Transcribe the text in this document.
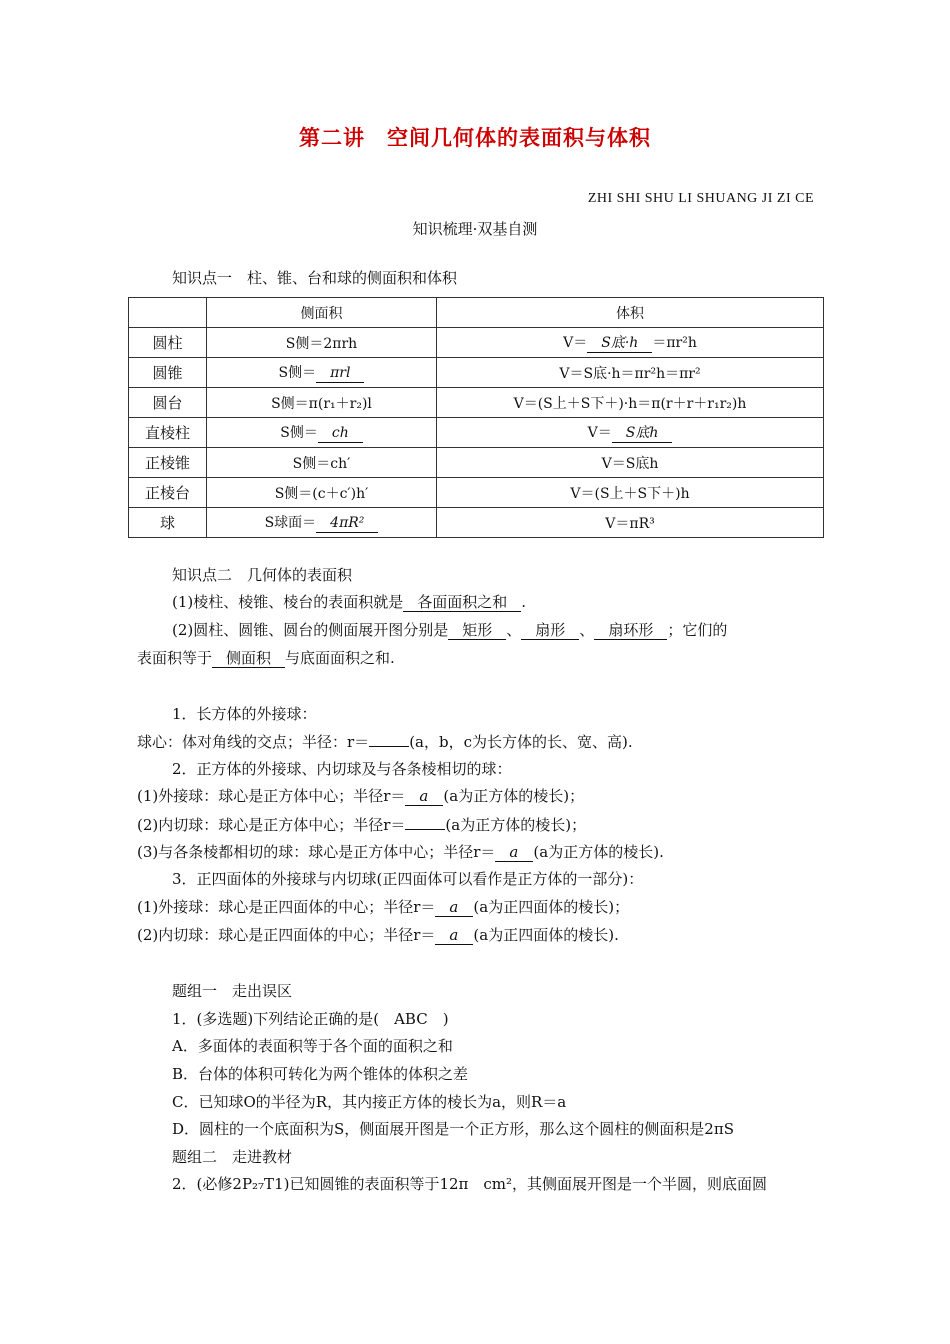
第二讲　空间几何体的表面积与体积
ZHI SHI SHU LI SHUANG JI ZI CE
知识梳理·双基自测
知识点一　柱、锥、台和球的侧面积和体积
	侧面积	体积
圆柱	S侧＝2πrh	V＝ S底·h ＝πr²h
圆锥	S侧＝ πrl	V＝S底·h＝πr²h＝πr²
圆台	S侧＝π(r₁＋r₂)l	V＝(S上＋S下＋)·h＝π(r＋r＋r₁r₂)h
直棱柱	S侧＝ ch	V＝ S底h
正棱锥	S侧＝ch′	V＝S底h
正棱台	S侧＝(c＋c′)h′	V＝(S上＋S下＋)h
球	S球面＝ 4πR²	V＝πR³
知识点二　几何体的表面积
(1)棱柱、棱锥、棱台的表面积就是 各面面积之和 .
(2)圆柱、圆锥、圆台的侧面展开图分别是 矩形 、 扇形 、 扇环形 ；它们的
表面积等于 侧面积 与底面面积之和.
1．长方体的外接球：
球心：体对角线的交点；半径：r＝	(a，b，c为长方体的长、宽、高).
2．正方体的外接球、内切球及与各条棱相切的球：
(1)外接球：球心是正方体中心；半径r＝ a (a为正方体的棱长)；
(2)内切球：球心是正方体中心；半径r＝	(a为正方体的棱长)；
(3)与各条棱都相切的球：球心是正方体中心；半径r＝ a (a为正方体的棱长).
3．正四面体的外接球与内切球(正四面体可以看作是正方体的一部分)：
(1)外接球：球心是正四面体的中心；半径r＝ a (a为正四面体的棱长)；
(2)内切球：球心是正四面体的中心；半径r＝ a (a为正四面体的棱长).
题组一　走出误区
1．(多选题)下列结论正确的是(　ABC　)
A．多面体的表面积等于各个面的面积之和
B．台体的体积可转化为两个锥体的体积之差
C．已知球O的半径为R，其内接正方体的棱长为a，则R＝a
D．圆柱的一个底面积为S，侧面展开图是一个正方形，那么这个圆柱的侧面积是2πS
题组二　走进教材
2．(必修2P₂₇T1)已知圆锥的表面积等于12π　cm²，其侧面展开图是一个半圆，则底面圆
